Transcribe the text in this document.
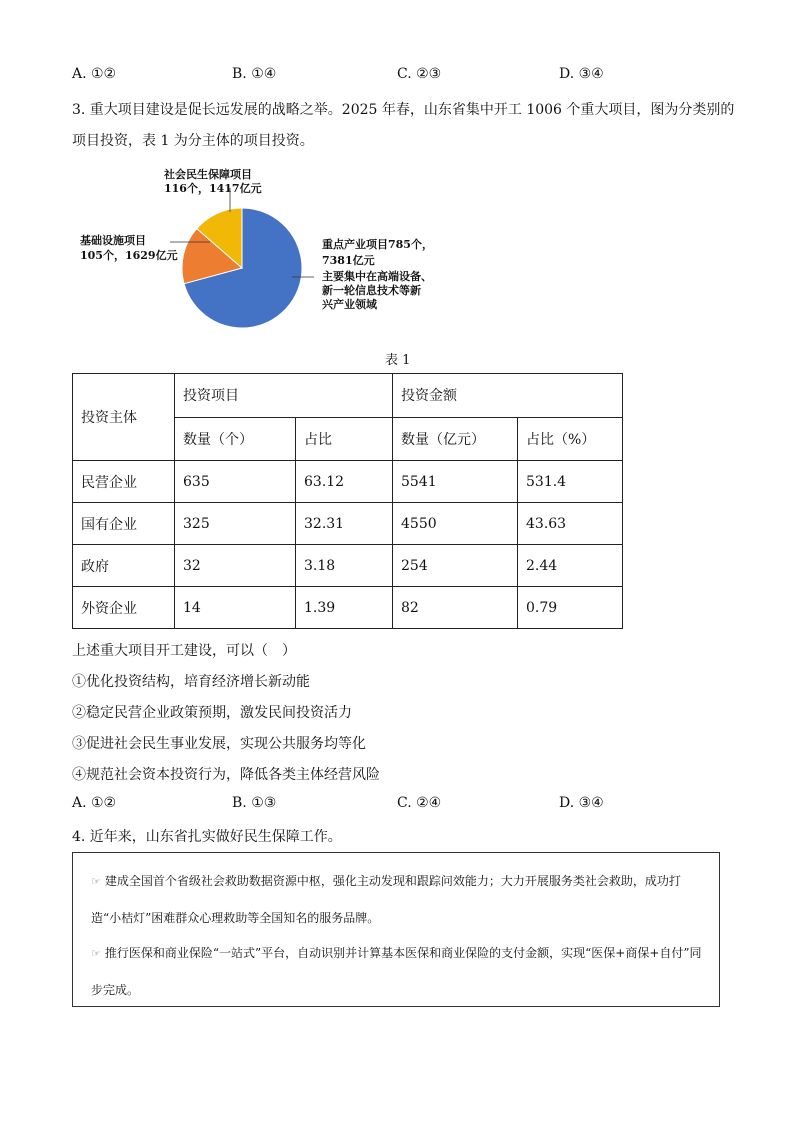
A. ①②	B. ①④	C. ②③	D. ③④
3. 重大项目建设是促长远发展的战略之举。2025 年春，山东省集中开工 1006 个重大项目，图为分类别的
项目投资，表 1 为分主体的项目投资。
社会民生保障项目
116个，1417亿元
基础设施项目
105个，1629亿元
重点产业项目785个，
7381亿元
主要集中在高端设备、
新一轮信息技术等新
兴产业领域
表 1
投资主体	投资项目		投资金额	
	数量（个）	占比	数量（亿元）	占比（%）
民营企业	635	63.12	5541	531.4
国有企业	325	32.31	4550	43.63
政府	32	3.18	254	2.44
外资企业	14	1.39	82	0.79
上述重大项目开工建设，可以（　）
①优化投资结构，培育经济增长新动能
②稳定民营企业政策预期，激发民间投资活力
③促进社会民生事业发展，实现公共服务均等化
④规范社会资本投资行为，降低各类主体经营风险
A. ①②	B. ①③	C. ②④	D. ③④
4. 近年来，山东省扎实做好民生保障工作。
☞ 建成全国首个省级社会救助数据资源中枢，强化主动发现和跟踪问效能力；大力开展服务类社会救助，成功打造“小桔灯”困难群众心理救助等全国知名的服务品牌。
☞ 推行医保和商业保险“一站式”平台，自动识别并计算基本医保和商业保险的支付金额，实现“医保+商保+自付”同步完成。
